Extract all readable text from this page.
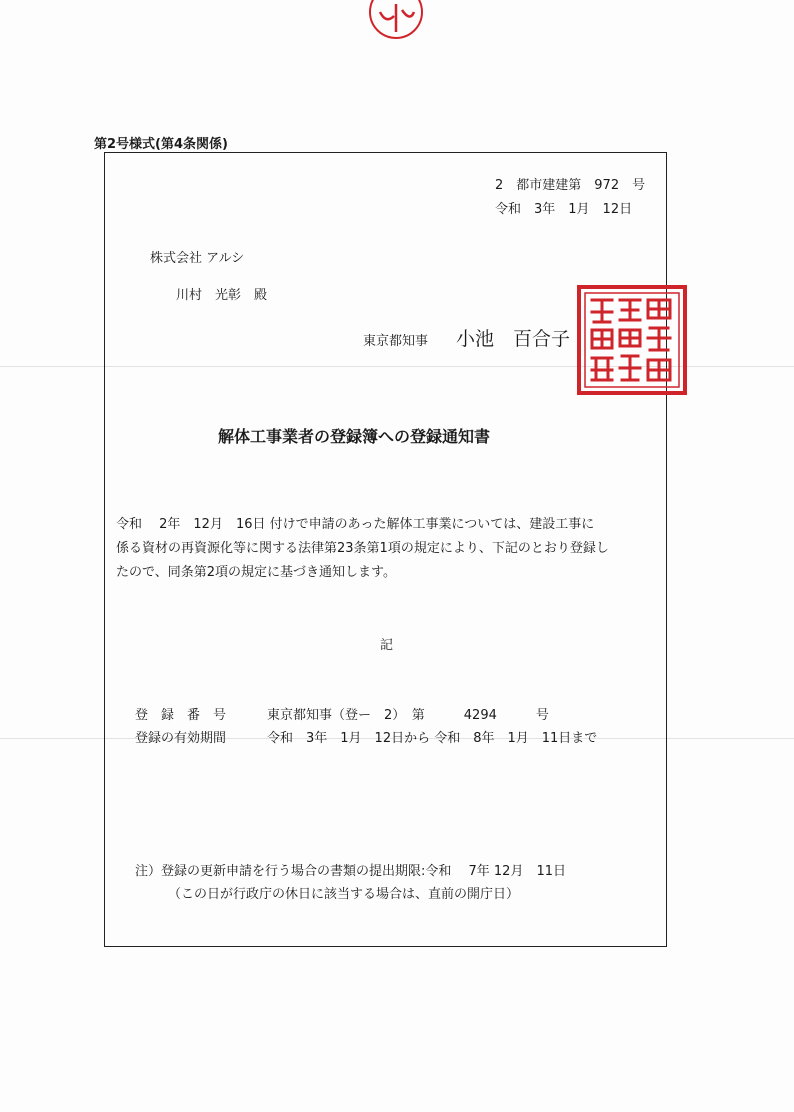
第2号様式(第4条関係)
2　都市建建第　972　号
令和　3年　1月　12日
株式会社 アルシ
川村　光彰　殿
東京都知事 小池　百合子
解体工事業者の登録簿への登録通知書
令和　 2年　12月　16日 付けで申請のあった解体工事業については、建設工事に
係る資材の再資源化等に関する法律第23条第1項の規定により、下記のとおり登録し
たので、同条第2項の規定に基づき通知します。
記
登　録　番　号	東京都知事（登ー　2）　第　　　4294　　　号
登録の有効期間	令和　3年　1月　12日から 令和　8年　1月　11日まで
注）登録の更新申請を行う場合の書類の提出期限:令和　 7年 12月　11日
（この日が行政庁の休日に該当する場合は、直前の開庁日）
